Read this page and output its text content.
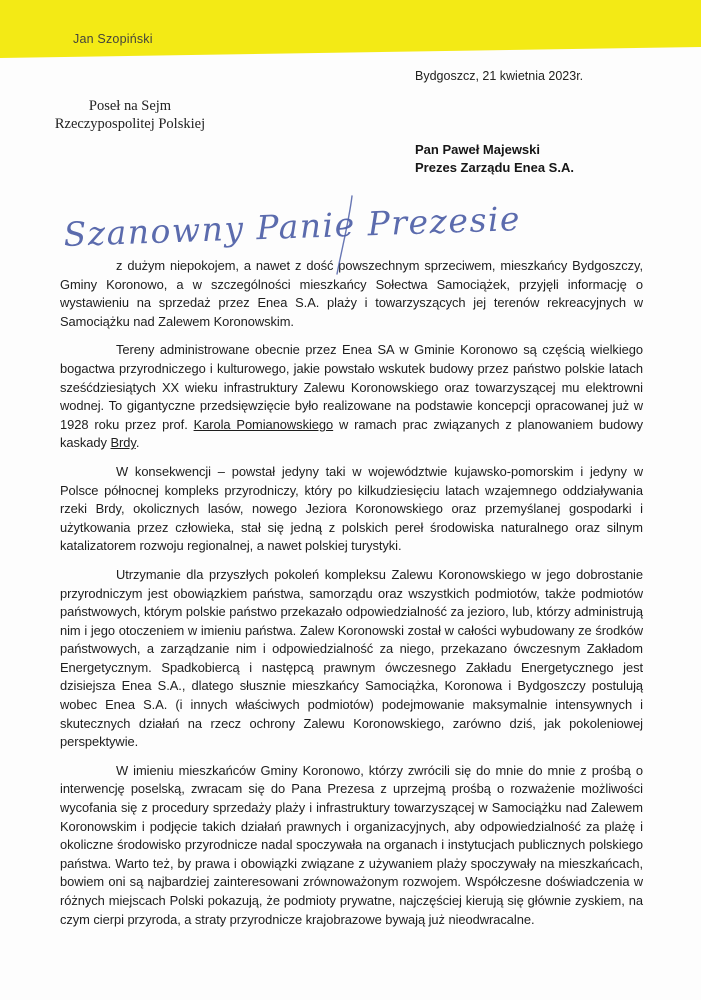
Jan Szopiński
Bydgoszcz, 21 kwietnia 2023r.
Poseł na Sejm
Rzeczypospolitej Polskiej
Pan Paweł Majewski
Prezes Zarządu Enea S.A.
Szanowny Panie Prezesie

z dużym niepokojem, a nawet z dość powszechnym sprzeciwem, mieszkańcy Bydgoszczy, Gminy Koronowo, a w szczególności mieszkańcy Sołectwa Samociążek, przyjęli informację o wystawieniu na sprzedaż przez Enea S.A. plaży i towarzyszących jej terenów rekreacyjnych w Samociążku nad Zalewem Koronowskim.

Tereny administrowane obecnie przez Enea SA w Gminie Koronowo są częścią wielkiego bogactwa przyrodniczego i kulturowego, jakie powstało wskutek budowy przez państwo polskie latach sześćdziesiątych XX wieku infrastruktury Zalewu Koronowskiego oraz towarzyszącej mu elektrowni wodnej. To gigantyczne przedsięwzięcie było realizowane na podstawie koncepcji opracowanej już w 1928 roku przez prof. Karola Pomianowskiego w ramach prac związanych z planowaniem budowy kaskady Brdy.

W konsekwencji – powstał jedyny taki w województwie kujawsko-pomorskim i jedyny w Polsce północnej kompleks przyrodniczy, który po kilkudziesięciu latach wzajemnego oddziaływania rzeki Brdy, okolicznych lasów, nowego Jeziora Koronowskiego oraz przemyślanej gospodarki i użytkowania przez człowieka, stał się jedną z polskich pereł środowiska naturalnego oraz silnym katalizatorem rozwoju regionalnej, a nawet polskiej turystyki.

Utrzymanie dla przyszłych pokoleń kompleksu Zalewu Koronowskiego w jego dobrostanie przyrodniczym jest obowiązkiem państwa, samorządu oraz wszystkich podmiotów, także podmiotów państwowych, którym polskie państwo przekazało odpowiedzialność za jezioro, lub, którzy administrują nim i jego otoczeniem w imieniu państwa. Zalew Koronowski został w całości wybudowany ze środków państwowych, a zarządzanie nim i odpowiedzialność za niego, przekazano ówczesnym Zakładom Energetycznym. Spadkobiercą i następcą prawnym ówczesnego Zakładu Energetycznego jest dzisiejsza Enea S.A., dlatego słusznie mieszkańcy Samociążka, Koronowa i Bydgoszczy postulują wobec Enea S.A. (i innych właściwych podmiotów) podejmowanie maksymalnie intensywnych i skutecznych działań na rzecz ochrony Zalewu Koronowskiego, zarówno dziś, jak pokoleniowej perspektywie.

W imieniu mieszkańców Gminy Koronowo, którzy zwrócili się do mnie do mnie z prośbą o interwencję poselską, zwracam się do Pana Prezesa z uprzejmą prośbą o rozważenie możliwości wycofania się z procedury sprzedaży plaży i infrastruktury towarzyszącej w Samociążku nad Zalewem Koronowskim i podjęcie takich działań prawnych i organizacyjnych, aby odpowiedzialność za plażę i okoliczne środowisko przyrodnicze nadal spoczywała na organach i instytucjach publicznych polskiego państwa. Warto też, by prawa i obowiązki związane z używaniem plaży spoczywały na mieszkańcach, bowiem oni są najbardziej zainteresowani zrównoważonym rozwojem. Współczesne doświadczenia w różnych miejscach Polski pokazują, że podmioty prywatne, najczęściej kierują się głównie zyskiem, na czym cierpi przyroda, a straty przyrodnicze krajobrazowe bywają już nieodwracalne.
